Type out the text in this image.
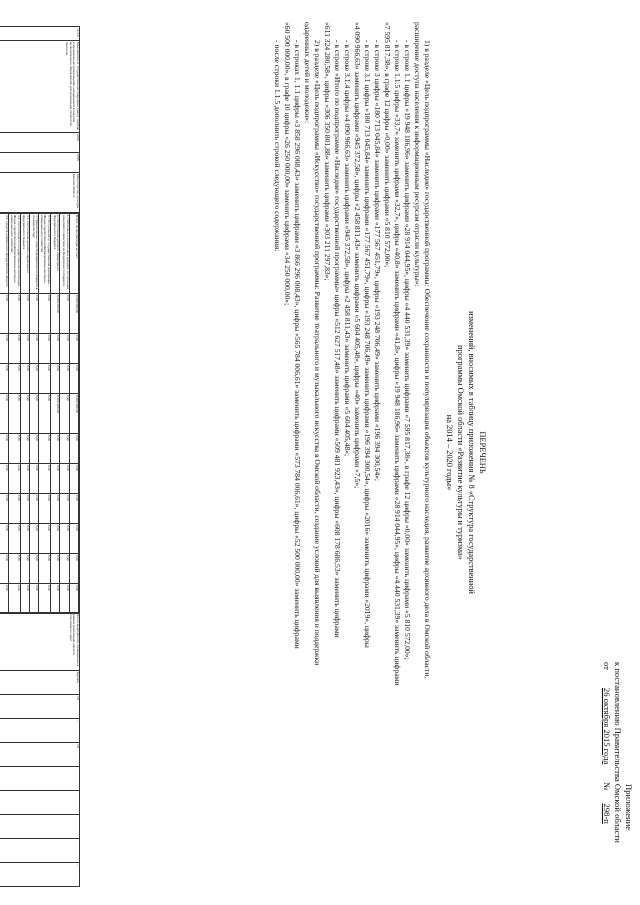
Приложение
к постановлению Правительства Омской области
от 26 октября 2015 года № 298-п
ПЕРЕЧЕНЬ
изменений, вносимых в таблицу приложения № 8 «Структура государственной
программы Омской области «Развитие культуры и туризма»
на 2014 – 2020 годы»
1) в разделе «Цель подпрограммы «Наследие» государственной программы: Обеспечение сохранности и популяризация объектов культурного наследия, развитие архивного дела в Омской области,
расширение доступа населения к информационным ресурсам отрасли культуры»:
- в строке 1.1 цифры «19 948 186,96» заменить цифрами «28 914 044,95», цифры «4 440 531,39» заменить цифрами «7 595 817,38», в графе 12 цифры «0,00» заменить цифрами «5 810 572,00»;
- в строке 1.1.5 цифры «33,7» заменить цифрами «32,7», цифры «40,8» заменить цифрами «41,8», цифры «19 948 186,96» заменить цифрами «28 914 044,95», цифры «4 440 531,39» заменить цифрами
«7 595 817,38», в графе 12 цифры «0,00» заменить цифрами «5 810 572,00»;
- в строке 3 цифры «180 713 045,84» заменить цифрами «177 567 451,79», цифры «193 248 706,49» заменить цифрами «196 394 300,54»;
- в строке 3.1 цифры «180 713 045,84» заменить цифрами «177 567 451,79», цифры «193 248 706,49» заменить цифрами «196 394 300,54», цифры «2016» заменить цифрами «2019», цифры
«4 090 966,63» заменить цифрами «945 372,58», цифры «2 458 811,43» заменить цифрами «5 604 405,48», цифры «40» заменить цифрами «7,5»;
- в строке 3.1.4 цифры «4 090 966,63» заменить цифрами «945 372,58», цифры «2 458 811,43» заменить цифрами «5 604 405,48»;
- в строке «Итого по подпрограмме «Наследие» государственной программы» цифры «512 627 517,48» заменить цифрами «509 481 923,43», цифры «608 178 686,53» заменить цифрами
«611 324 280,58», цифры «306 350 801,88» заменить цифрами «303 211 297,83»;
2) в разделе «Цель подпрограммы «Искусство» государственной программы: Развитие театрального и музыкального искусства в Омской области, создание условий для выявления и поддержки
одаренных детей и молодежи»:
- в строках 1, 1.1 цифры «3 858 296 008,43» заменить цифрами «3 866 296 008,43», цифры «565 784 006,61» заменить цифрами «573 784 006,61», цифры «52 500 000,00» заменить цифрами
«60 500 000,00», в графе 10 цифры «26 250 000,00» заменить цифрами «34 250 000,00»;
- после строки 1.1.5 дополнить строкой следующего содержания:
«1.1.6	Мероприятие 6. Государственная поддержка (грант) театрам и музыкальным организациям, находящимся в ведении муниципальных образований, для реализации творческих проектов	2015	2015	Министерство культуры Омской области	
Всего, из них расходы за счет:	8 000 000,00	0,00	0,00	8 000 000,00	0,00	0,00	0,00	0,00	0,00	0,00
1. Налоговых и неналоговых доходов, поступлений нецелевого характера из федерального бюджета	0,00	0,00	0,00	0,00	0,00	0,00	0,00	0,00	0,00	0,00
2. Поступлений целевого характера из федерального бюджета	8 000 000,00	0,00	0,00	8 000 000,00	0,00	0,00	0,00	0,00	0,00	0,00
3. Поступлений от государственной корпорации – Фонда содействия реформированию жилищно-коммунального хозяйства	0,00	0,00	0,00	0,00	0,00	0,00	0,00	0,00	0,00	0,00
4. Привлеченных средств федерального бюджета в очередном году	0,00	0,00	0,00	0,00	0,00	0,00	0,00	0,00	0,00	0,00
4.1. поступлений целевого характера из федерального бюджета	0,00	0,00	0,00	0,00	0,00	0,00	0,00	0,00	0,00	0,00
4.2. поступлений от государственной корпорации – Фонда содействия реформированию жилищно-коммунального хозяйства	0,00	0,00	0,00	0,00	0,00	0,00	0,00	0,00	0,00	0,00
4.3. средств нормального фонда Омской области	0,00	0,00	0,00	0,00	0,00	0,00	0,00	0,00	0,00	0,00

	Число мероприятий, проведенных в рамках реализации проекта, получившего грант	Единиц	19	–	19					–
